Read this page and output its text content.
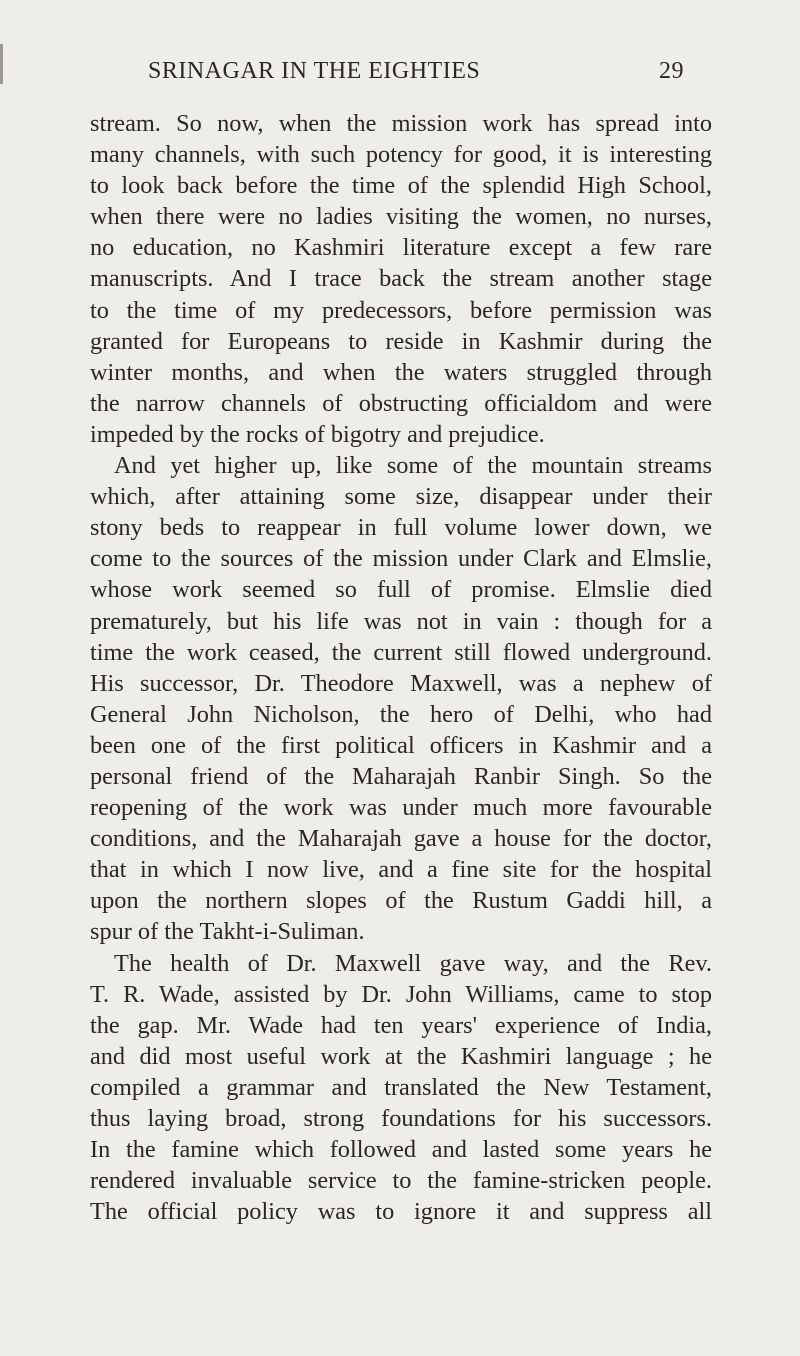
SRINAGAR IN THE EIGHTIES	29
stream. So now, when the mission work has spread into
many channels, with such potency for good, it is interesting
to look back before the time of the splendid High School,
when there were no ladies visiting the women, no nurses,
no education, no Kashmiri literature except a few rare
manuscripts. And I trace back the stream another stage
to the time of my predecessors, before permission was
granted for Europeans to reside in Kashmir during the
winter months, and when the waters struggled through
the narrow channels of obstructing officialdom and were
impeded by the rocks of bigotry and prejudice.
And yet higher up, like some of the mountain streams
which, after attaining some size, disappear under their
stony beds to reappear in full volume lower down, we
come to the sources of the mission under Clark and Elmslie,
whose work seemed so full of promise. Elmslie died
prematurely, but his life was not in vain : though for a
time the work ceased, the current still flowed underground.
His successor, Dr. Theodore Maxwell, was a nephew of
General John Nicholson, the hero of Delhi, who had
been one of the first political officers in Kashmir and a
personal friend of the Maharajah Ranbir Singh. So the
reopening of the work was under much more favourable
conditions, and the Maharajah gave a house for the doctor,
that in which I now live, and a fine site for the hospital
upon the northern slopes of the Rustum Gaddi hill, a
spur of the Takht-i-Suliman.
The health of Dr. Maxwell gave way, and the Rev.
T. R. Wade, assisted by Dr. John Williams, came to stop
the gap. Mr. Wade had ten years' experience of India,
and did most useful work at the Kashmiri language ; he
compiled a grammar and translated the New Testament,
thus laying broad, strong foundations for his successors.
In the famine which followed and lasted some years he
rendered invaluable service to the famine-stricken people.
The official policy was to ignore it and suppress all
